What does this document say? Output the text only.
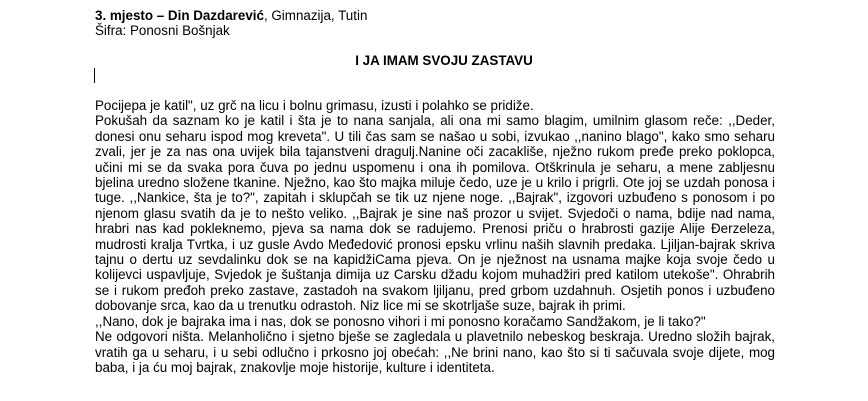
3. mjesto – Din Dazdarević, Gimnazija, Tutin
Šifra: Ponosni Bošnjak
I JA IMAM SVOJU ZASTAVU

Pocijepa je katil", uz grč na licu i bolnu grimasu, izusti i polahko se pridiže.

Pokušah da saznam ko je katil i šta je to nana sanjala, ali ona mi samo blagim, umilnim glasom reče: ,,Deder, donesi onu seharu ispod mog kreveta". U tili čas sam se našao u sobi, izvukao ,,nanino blago", kako smo seharu zvali, jer je za nas ona uvijek bila tajanstveni dragulj.Nanine oči zacakliše, nježno rukom pređe preko poklopca, učini mi se da svaka pora čuva po jednu uspomenu i ona ih pomilova. Otškrinula je seharu, a mene zabljesnu bjelina uredno složene tkanine. Nježno, kao što majka miluje čedo, uze je u krilo i prigrli. Ote joj se uzdah ponosa i tuge. ,,Nankice, šta je to?", zapitah i sklupčah se tik uz njene noge. ,,Bajrak", izgovori uzbuđeno s ponosom i po njenom glasu svatih da je to nešto veliko. ,,Bajrak je sine naš prozor u svijet. Svjedoči o nama, bdije nad nama, hrabri nas kad pokleknemo, pjeva sa nama dok se radujemo. Prenosi priču o hrabrosti gazije Alije Đerzeleza, mudrosti kralja Tvrtka, i uz gusle Avdo Međedović pronosi epsku vrlinu naših slavnih predaka. Ljiljan-bajrak skriva tajnu o dertu uz sevdalinku dok se na kapidžiCama pjeva. On je nježnost na usnama majke koja svoje čedo u kolijevci uspavljuje, Svjedok je šuštanja dimija uz Carsku džadu kojom muhadžiri pred katilom utekoše". Ohrabrih se i rukom pređoh preko zastave, zastadoh na svakom ljiljanu, pred grbom uzdahnuh. Osjetih ponos i uzbuđeno dobovanje srca, kao da u trenutku odrastoh. Niz lice mi se skotrljaše suze, bajrak ih primi.

,,Nano, dok je bajraka ima i nas, dok se ponosno vihori i mi ponosno koračamo Sandžakom, je li tako?"

Ne odgovori ništa. Melanholično i sjetno bješe se zagledala u plavetnilo nebeskog beskraja. Uredno složih bajrak, vratih ga u seharu, i u sebi odlučno i prkosno joj obećah: ,,Ne brini nano, kao što si ti sačuvala svoje dijete, mog baba, i ja ću moj bajrak, znakovlje moje historije, kulture i identiteta.
